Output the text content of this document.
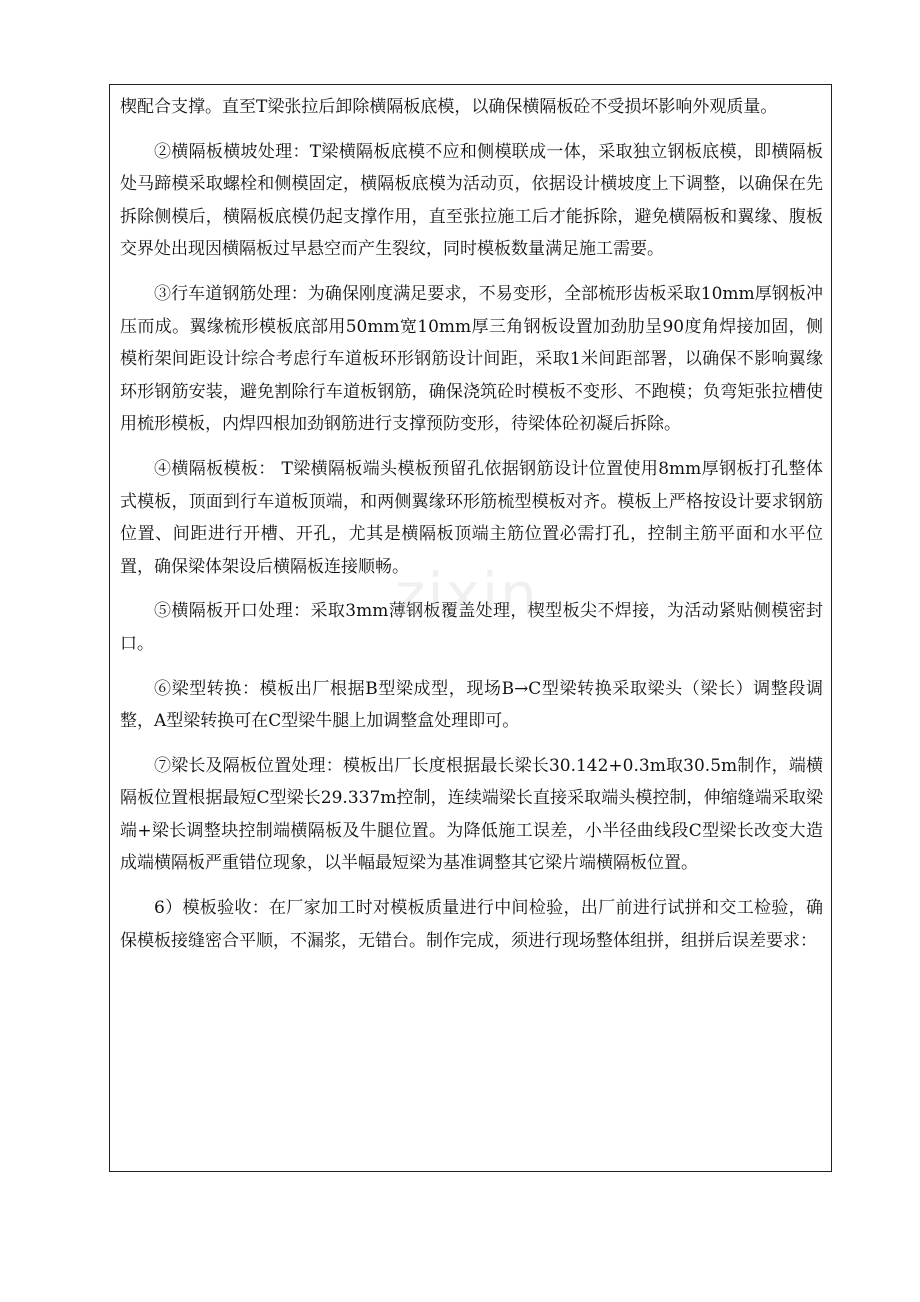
楔配合支撑。直至T梁张拉后卸除横隔板底模，以确保横隔板砼不受损坏影响外观质量。

②横隔板横坡处理：T梁横隔板底模不应和侧模联成一体，采取独立钢板底模，即横隔板处马蹄模采取螺栓和侧模固定，横隔板底模为活动页，依据设计横坡度上下调整，以确保在先拆除侧模后，横隔板底模仍起支撑作用，直至张拉施工后才能拆除，避免横隔板和翼缘、腹板交界处出现因横隔板过早悬空而产生裂纹，同时模板数量满足施工需要。

③行车道钢筋处理：为确保刚度满足要求，不易变形，全部梳形齿板采取10mm厚钢板冲压而成。翼缘梳形模板底部用50mm宽10mm厚三角钢板设置加劲肋呈90度角焊接加固，侧模桁架间距设计综合考虑行车道板环形钢筋设计间距，采取1米间距部署，以确保不影响翼缘环形钢筋安装，避免割除行车道板钢筋，确保浇筑砼时模板不变形、不跑模；负弯矩张拉槽使用梳形模板，内焊四根加劲钢筋进行支撑预防变形，待梁体砼初凝后拆除。

④横隔板模板： T梁横隔板端头模板预留孔依据钢筋设计位置使用8mm厚钢板打孔整体式模板，顶面到行车道板顶端，和两侧翼缘环形筋梳型模板对齐。模板上严格按设计要求钢筋位置、间距进行开槽、开孔，尤其是横隔板顶端主筋位置必需打孔，控制主筋平面和水平位置，确保梁体架设后横隔板连接顺畅。

⑤横隔板开口处理：采取3mm薄钢板覆盖处理，楔型板尖不焊接，为活动紧贴侧模密封口。

⑥梁型转换：模板出厂根据B型梁成型，现场B→C型梁转换采取梁头（梁长）调整段调整，A型梁转换可在C型梁牛腿上加调整盒处理即可。

⑦梁长及隔板位置处理：模板出厂长度根据最长梁长30.142+0.3m取30.5m制作，端横隔板位置根据最短C型梁长29.337m控制，连续端梁长直接采取端头模控制，伸缩缝端采取梁端+梁长调整块控制端横隔板及牛腿位置。为降低施工误差，小半径曲线段C型梁长改变大造成端横隔板严重错位现象，以半幅最短梁为基准调整其它梁片端横隔板位置。

6）模板验收：在厂家加工时对模板质量进行中间检验，出厂前进行试拼和交工检验，确保模板接缝密合平顺，不漏浆，无错台。制作完成，须进行现场整体组拼，组拼后误差要求：

zixin
